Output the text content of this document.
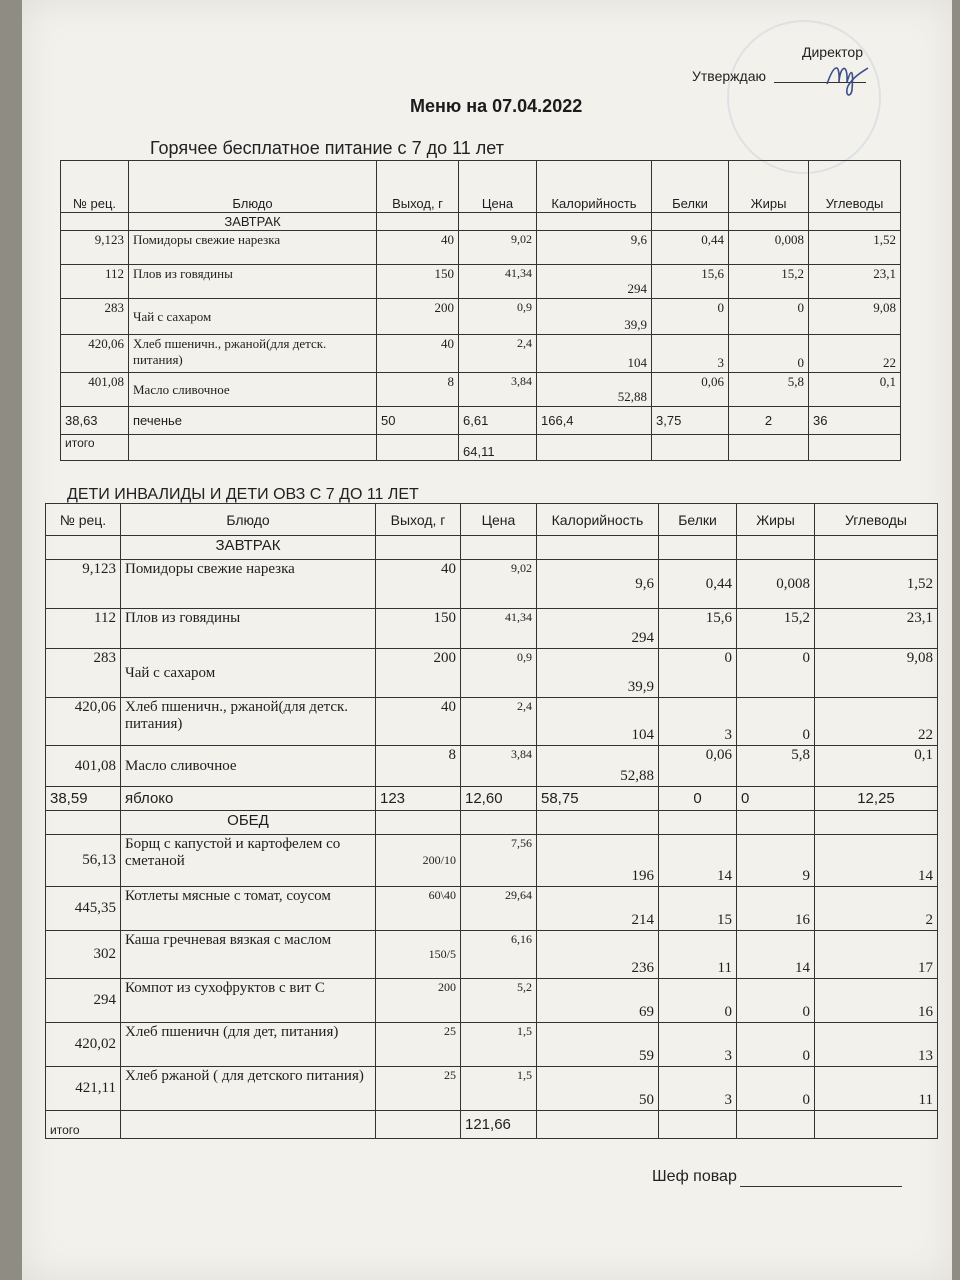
Директор
Утверждаю
Меню на 07.04.2022
Горячее бесплатное питание с 7 до 11 лет
№ рец.	Блюдо	Выход, г	Цена	Калорийность	Белки	Жиры	Углеводы
	ЗАВТРАК						
9,123	Помидоры свежие нарезка	40	9,02	9,6	0,44	0,008	1,52
112	Плов из говядины	150	41,34	294	15,6	15,2	23,1
283	Чай с сахаром	200	0,9	39,9	0	0	9,08
420,06	Хлеб пшеничн., ржаной(для детск. питания)	40	2,4	104	3	0	22
401,08	Масло сливочное	8	3,84	52,88	0,06	5,8	0,1
38,63	печенье	50	6,61	166,4	3,75	2	36
итого			64,11				
ДЕТИ ИНВАЛИДЫ И ДЕТИ ОВЗ С 7 ДО 11 ЛЕТ
№ рец.	Блюдо	Выход, г	Цена	Калорийность	Белки	Жиры	Углеводы
	ЗАВТРАК						
9,123	Помидоры свежие нарезка	40	9,02	9,6	0,44	0,008	1,52
112	Плов из говядины	150	41,34	294	15,6	15,2	23,1
283	Чай с сахаром	200	0,9	39,9	0	0	9,08
420,06	Хлеб пшеничн., ржаной(для детск. питания)	40	2,4	104	3	0	22
401,08	Масло сливочное	8	3,84	52,88	0,06	5,8	0,1
38,59	яблоко	123	12,60	58,75	0	0	12,25
	ОБЕД						
56,13	Борщ с капустой и картофелем со сметаной	200/10	7,56	196	14	9	14
445,35	Котлеты мясные с томат, соусом	60\40	29,64	214	15	16	2
302	Каша гречневая вязкая с маслом	150/5	6,16	236	11	14	17
294	Компот из сухофруктов с вит С	200	5,2	69	0	0	16
420,02	Хлеб пшеничн (для дет, питания)	25	1,5	59	3	0	13
421,11	Хлеб ржаной ( для детского питания)	25	1,5	50	3	0	11
итого			121,66				
Шеф повар
